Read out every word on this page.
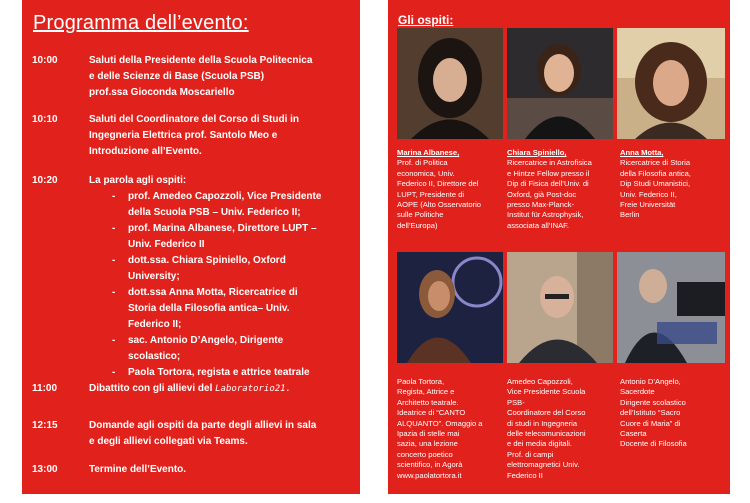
Programma dell’evento:
10:00	Saluti della Presidente della Scuola Politecnica
e delle Scienze di Base (Scuola PSB)
prof.ssa Gioconda Moscariello
10:10	Saluti del Coordinatore del Corso di Studi in
Ingegneria Elettrica prof. Santolo Meo e
Introduzione all’Evento.
10:20	La parola agli ospiti:
- prof. Amedeo Capozzoli, Vice Presidente
della Scuola PSB – Univ. Federico II;
- prof. Marina Albanese, Direttore LUPT –
Univ. Federico II
- dott.ssa. Chiara Spiniello, Oxford
University;
- dott.ssa Anna Motta, Ricercatrice di
Storia della Filosofia antica– Univ.
Federico II;
- sac. Antonio D’Angelo, Dirigente
scolastico;
- Paola Tortora, regista e attrice teatrale
11:00	Dibattito con gli allievi del Laboratorio21.
12:15	Domande agli ospiti da parte degli allievi in sala
e degli allievi collegati via Teams.
13:00	Termine dell’Evento.
Gli ospiti:
Marina Albanese,
Prof. di Politica
economica, Univ.
Federico II, Direttore del
LUPT, Presidente di
AOPE (Alto Osservatorio
sulle Politiche
dell’Europa)
Chiara Spiniello,
Ricercatrice in Astrofisica
e Hintze Fellow presso il
Dip di Fisica dell’Univ. di
Oxford, già Post-doc
presso Max-Planck-
Institut für Astrophysik,
associata all’INAF.
Anna Motta,
Ricercatrice di Storia
della Filosofia antica,
Dip Studi Umanistici,
Univ. Federico II,
Freie Universität
Berlin
Paola Tortora,
Regista, Attrice e
Architetto teatrale.
Ideatrice di “CANTO
ALQUANTO”. Omaggio a
Ipazia di stelle mai
sazia, una lezione
concerto poetico
scientifico, in Agorà
www.paolatortora.it
Amedeo Capozzoli,
Vice Presidente Scuola
PSB-
Coordinatore del Corso
di studi in Ingegneria
delle telecomunicazioni
e dei media digitali.
Prof. di campi
elettromagnetici Univ.
Federico II
Antonio D’Angelo,
Sacerdote
Dirigente scolastico
dell’Istituto “Sacro
Cuore di Maria” di
Caserta
Docente di Filosofia
